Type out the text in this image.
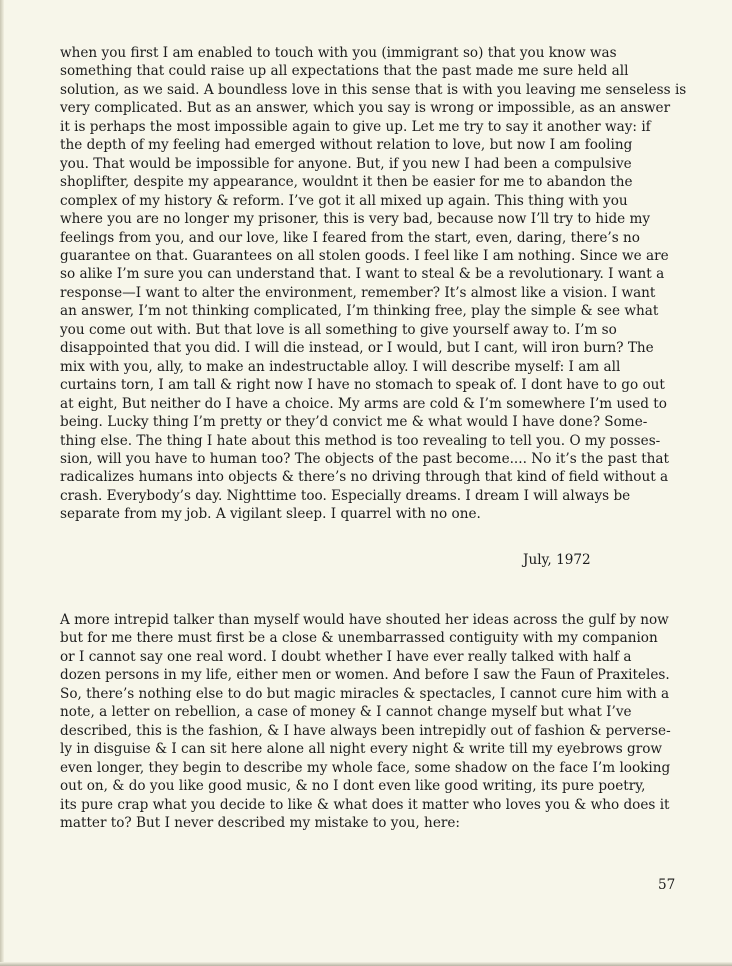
when you first I am enabled to touch with you (immigrant so) that you know was
something that could raise up all expectations that the past made me sure held all
solution, as we said. A boundless love in this sense that is with you leaving me senseless is
very complicated. But as an answer, which you say is wrong or impossible, as an answer
it is perhaps the most impossible again to give up. Let me try to say it another way: if
the depth of my feeling had emerged without relation to love, but now I am fooling
you. That would be impossible for anyone. But, if you new I had been a compulsive
shoplifter, despite my appearance, wouldnt it then be easier for me to abandon the
complex of my history & reform. I’ve got it all mixed up again. This thing with you
where you are no longer my prisoner, this is very bad, because now I’ll try to hide my
feelings from you, and our love, like I feared from the start, even, daring, there’s no
guarantee on that. Guarantees on all stolen goods. I feel like I am nothing. Since we are
so alike I’m sure you can understand that. I want to steal & be a revolutionary. I want a
response—I want to alter the environment, remember? It’s almost like a vision. I want
an answer, I’m not thinking complicated, I’m thinking free, play the simple & see what
you come out with. But that love is all something to give yourself away to. I’m so
disappointed that you did. I will die instead, or I would, but I cant, will iron burn? The
mix with you, ally, to make an indestructable alloy. I will describe myself: I am all
curtains torn, I am tall & right now I have no stomach to speak of. I dont have to go out
at eight, But neither do I have a choice. My arms are cold & I’m somewhere I’m used to
being. Lucky thing I’m pretty or they’d convict me & what would I have done? Some-
thing else. The thing I hate about this method is too revealing to tell you. O my posses-
sion, will you have to human too? The objects of the past become.... No it’s the past that
radicalizes humans into objects & there’s no driving through that kind of field without a
crash. Everybody’s day. Nighttime too. Especially dreams. I dream I will always be
separate from my job. A vigilant sleep. I quarrel with no one.

July, 1972

A more intrepid talker than myself would have shouted her ideas across the gulf by now
but for me there must first be a close & unembarrassed contiguity with my companion
or I cannot say one real word. I doubt whether I have ever really talked with half a
dozen persons in my life, either men or women. And before I saw the Faun of Praxiteles.
So, there’s nothing else to do but magic miracles & spectacles, I cannot cure him with a
note, a letter on rebellion, a case of money & I cannot change myself but what I’ve
described, this is the fashion, & I have always been intrepidly out of fashion & perverse-
ly in disguise & I can sit here alone all night every night & write till my eyebrows grow
even longer, they begin to describe my whole face, some shadow on the face I’m looking
out on, & do you like good music, & no I dont even like good writing, its pure poetry,
its pure crap what you decide to like & what does it matter who loves you & who does it
matter to? But I never described my mistake to you, here:

57
